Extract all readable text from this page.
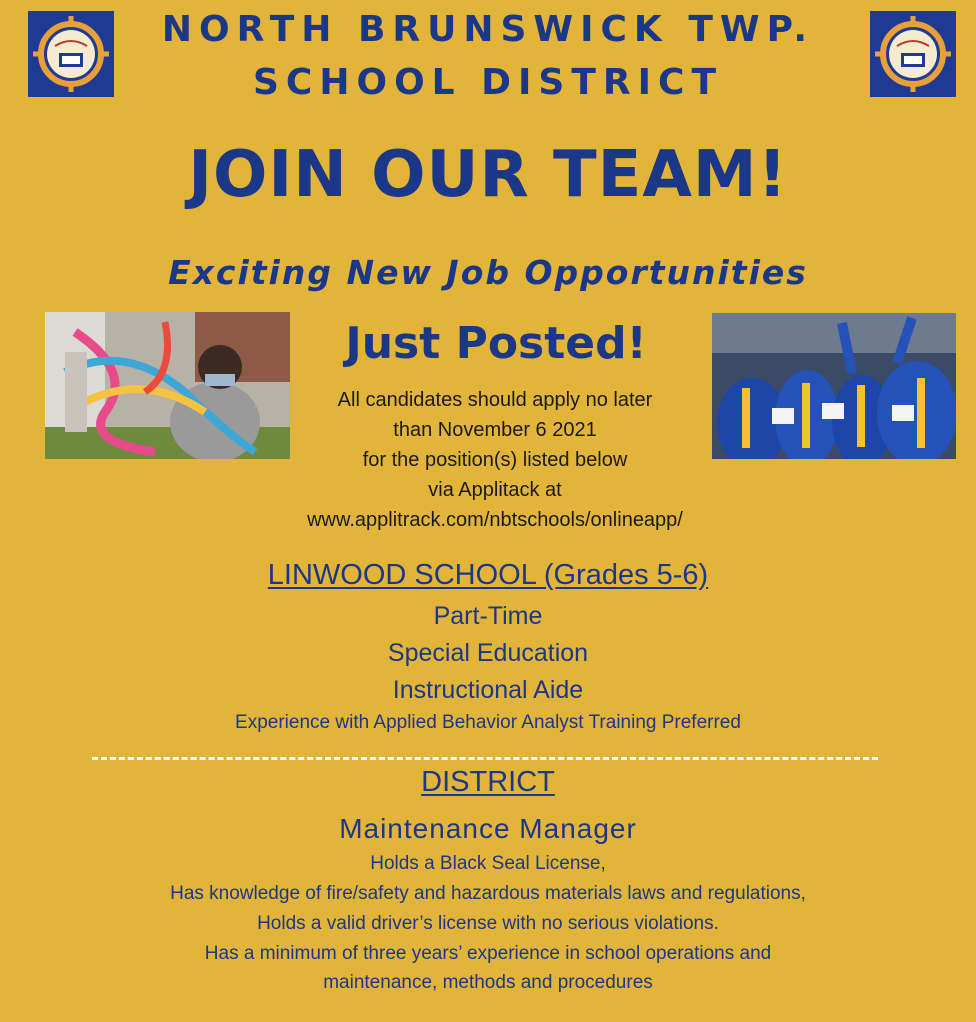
NORTH BRUNSWICK TWP.
SCHOOL DISTRICT
JOIN OUR TEAM!
Exciting New Job Opportunities
Just Posted!
All candidates should apply no later
than November 6 2021
for the position(s) listed below
via Applitack at
www.applitrack.com/nbtschools/onlineapp/
LINWOOD SCHOOL (Grades 5-6)
Part-Time
Special Education
Instructional Aide
Experience with Applied Behavior Analyst Training Preferred
DISTRICT
Maintenance Manager
Holds a Black Seal License,
Has knowledge of fire/safety and hazardous materials laws and regulations,
Holds a valid driver’s license with no serious violations.
Has a minimum of three years’ experience in school operations and
maintenance, methods and procedures
